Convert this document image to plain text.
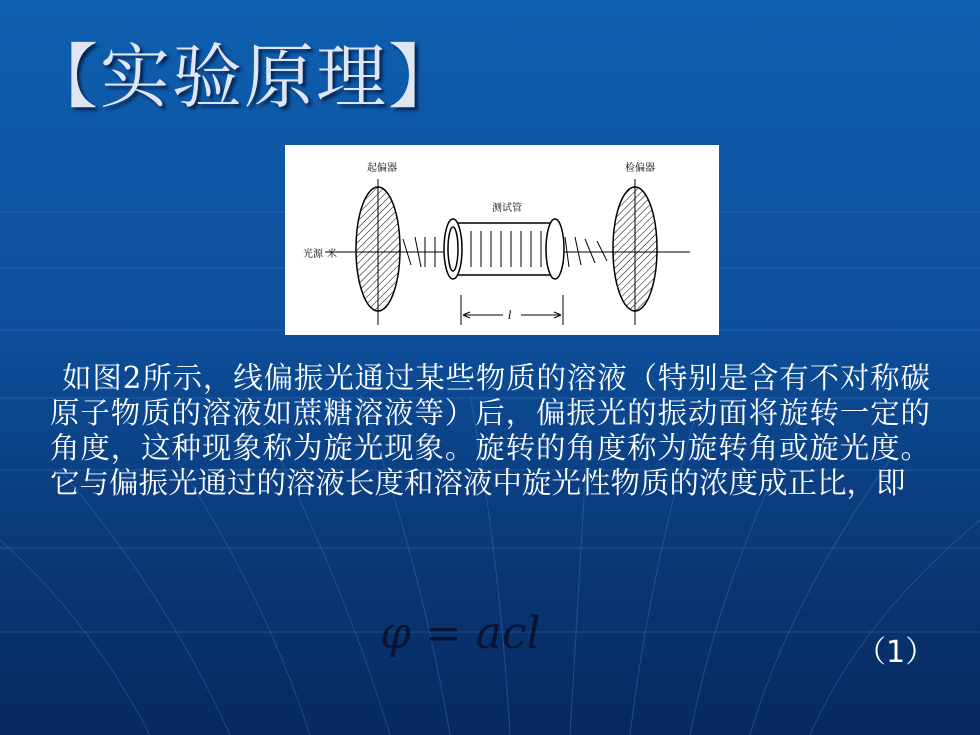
【实验原理】
起偏器	检偏器
测试管
光源 米
l

如图2所示，线偏振光通过某些物质的溶液（特别是含有不对称碳原子物质的溶液如蔗糖溶液等）后，偏振光的振动面将旋转一定的角度，这种现象称为旋光现象。旋转的角度称为旋转角或旋光度。它与偏振光通过的溶液长度和溶液中旋光性物质的浓度成正比，即

φ = acl	（1）
